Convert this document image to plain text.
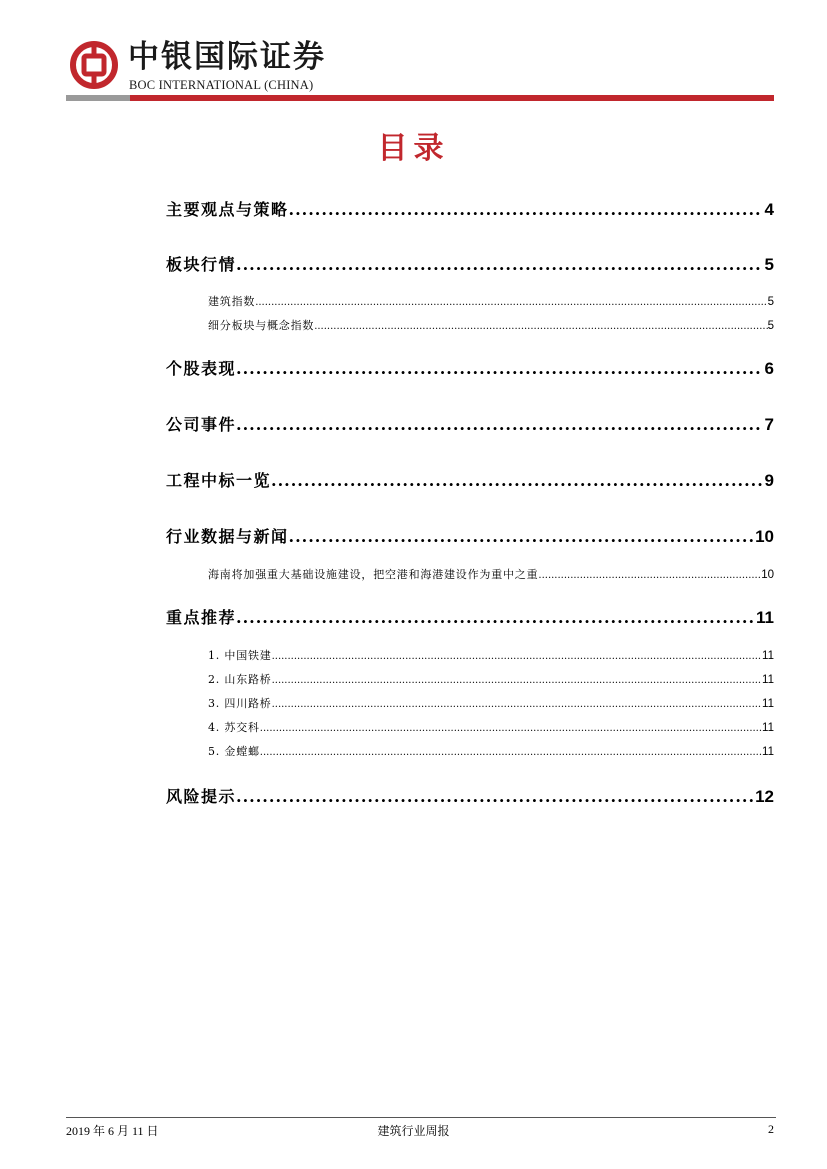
中银国际证券
BOC INTERNATIONAL (CHINA)
目录
主要观点与策略 .....	4
板块行情 .....	5
建筑指数 .....	5
细分板块与概念指数 .....	5
个股表现 .....	6
公司事件 .....	7
工程中标一览 .....	9
行业数据与新闻 .....	10
海南将加强重大基础设施建设，把空港和海港建设作为重中之重 .....	10
重点推荐 .....	11
1. 中国铁建 .....	11
2. 山东路桥 .....	11
3. 四川路桥 .....	11
4. 苏交科 .....	11
5. 金螳螂 .....	11
风险提示 .....	12
2019 年 6 月 11 日	建筑行业周报	2
